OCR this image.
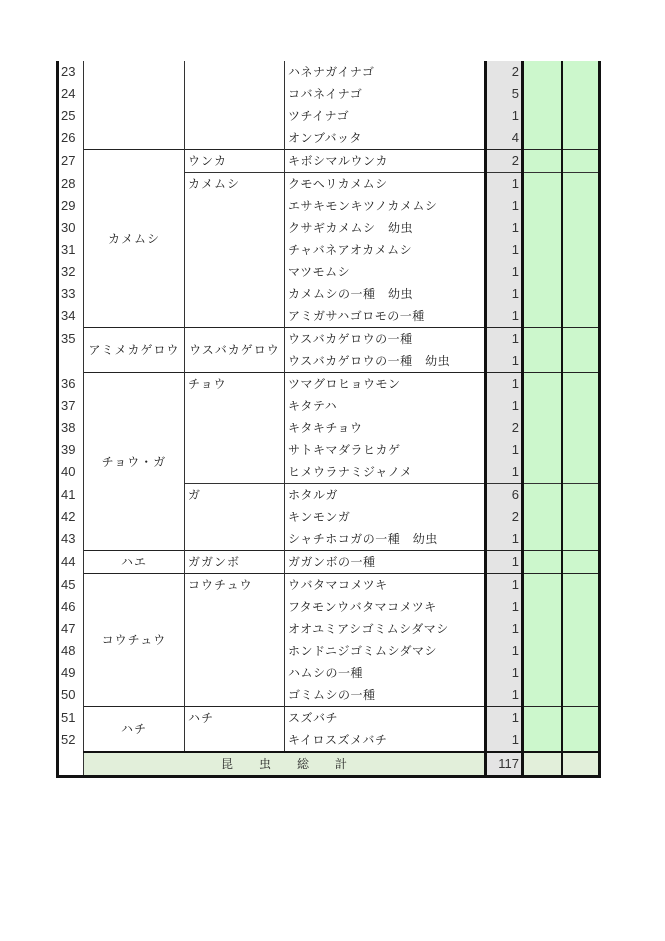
23			ハネナガイナゴ	2		
24			コバネイナゴ	5		
25			ツチイナゴ	1		
26			オンブバッタ	4		
27	カメムシ	ウンカ	キボシマルウンカ	2		
28		カメムシ	クモヘリカメムシ	1		
29			エサキモンキツノカメムシ	1		
30			クサギカメムシ　幼虫	1		
31			チャバネアオカメムシ	1		
32			マツモムシ	1		
33			カメムシの一種　幼虫	1		
34			アミガサハゴロモの一種	1		
35	アミメカゲロウ	ウスバカゲロウ	ウスバカゲロウの一種	1		
			ウスバカゲロウの一種　幼虫	1		
36	チョウ・ガ	チョウ	ツマグロヒョウモン	1		
37			キタテハ	1		
38			キタキチョウ	2		
39			サトキマダラヒカゲ	1		
40			ヒメウラナミジャノメ	1		
41		ガ	ホタルガ	6		
42			キンモンガ	2		
43			シャチホコガの一種　幼虫	1		
44	ハエ	ガガンボ	ガガンボの一種	1		
45	コウチュウ	コウチュウ	ウバタマコメツキ	1		
46			フタモンウバタマコメツキ	1		
47			オオユミアシゴミムシダマシ	1		
48			ホンドニジゴミムシダマシ	1		
49			ハムシの一種	1		
50			ゴミムシの一種	1		
51	ハチ	ハチ	スズバチ	1		
52			キイロスズメバチ	1		
	昆 虫 総 計			117		
